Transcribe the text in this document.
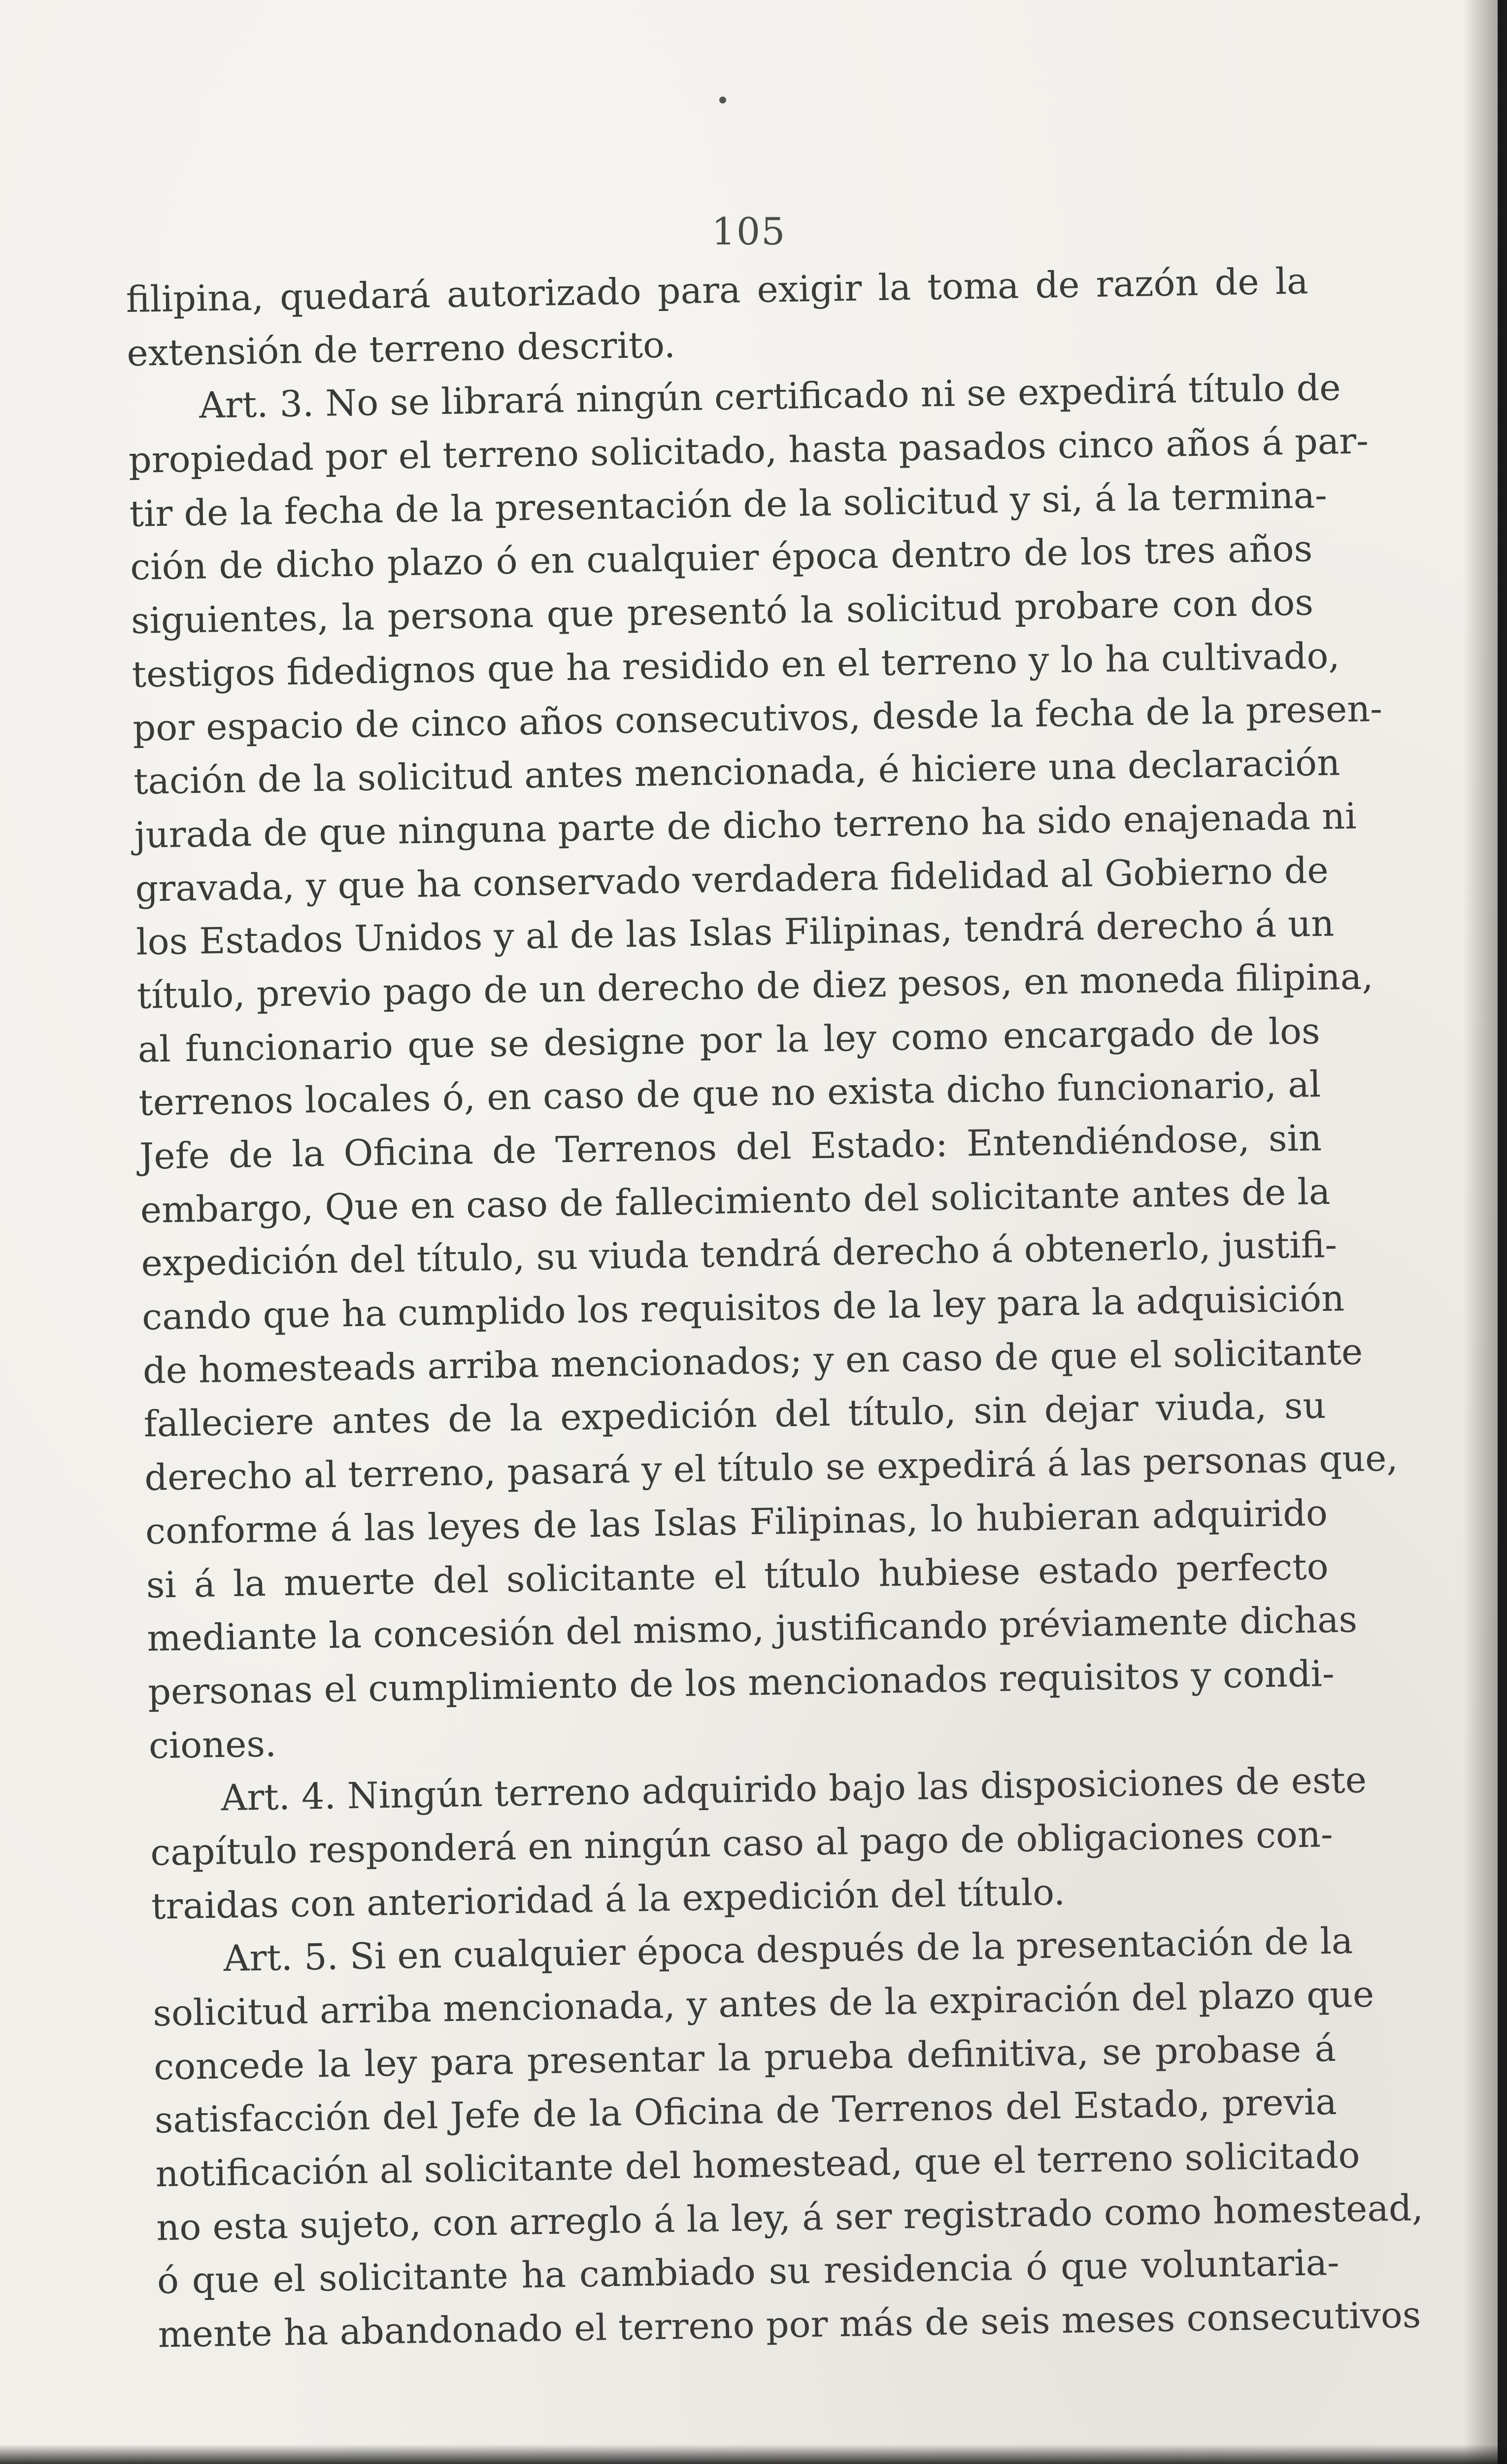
105
filipina, quedará autorizado para exigir la toma de razón de la
extensión de terreno descrito.
Art. 3. No se librará ningún certificado ni se expedirá título de
propiedad por el terreno solicitado, hasta pasados cinco años á par-
tir de la fecha de la presentación de la solicitud y si, á la termina-
ción de dicho plazo ó en cualquier época dentro de los tres años
siguientes, la persona que presentó la solicitud probare con dos
testigos fidedignos que ha residido en el terreno y lo ha cultivado,
por espacio de cinco años consecutivos, desde la fecha de la presen-
tación de la solicitud antes mencionada, é hiciere una declaración
jurada de que ninguna parte de dicho terreno ha sido enajenada ni
gravada, y que ha conservado verdadera fidelidad al Gobierno de
los Estados Unidos y al de las Islas Filipinas, tendrá derecho á un
título, previo pago de un derecho de diez pesos, en moneda filipina,
al funcionario que se designe por la ley como encargado de los
terrenos locales ó, en caso de que no exista dicho funcionario, al
Jefe de la Oficina de Terrenos del Estado: Entendiéndose, sin
embargo, Que en caso de fallecimiento del solicitante antes de la
expedición del título, su viuda tendrá derecho á obtenerlo, justifi-
cando que ha cumplido los requisitos de la ley para la adquisición
de homesteads arriba mencionados; y en caso de que el solicitante
falleciere antes de la expedición del título, sin dejar viuda, su
derecho al terreno, pasará y el título se expedirá á las personas que,
conforme á las leyes de las Islas Filipinas, lo hubieran adquirido
si á la muerte del solicitante el título hubiese estado perfecto
mediante la concesión del mismo, justificando préviamente dichas
personas el cumplimiento de los mencionados requisitos y condi-
ciones.
Art. 4. Ningún terreno adquirido bajo las disposiciones de este
capítulo responderá en ningún caso al pago de obligaciones con-
traidas con anterioridad á la expedición del título.
Art. 5. Si en cualquier época después de la presentación de la
solicitud arriba mencionada, y antes de la expiración del plazo que
concede la ley para presentar la prueba definitiva, se probase á
satisfacción del Jefe de la Oficina de Terrenos del Estado, previa
notificación al solicitante del homestead, que el terreno solicitado
no esta sujeto, con arreglo á la ley, á ser registrado como homestead,
ó que el solicitante ha cambiado su residencia ó que voluntaria-
mente ha abandonado el terreno por más de seis meses consecutivos
